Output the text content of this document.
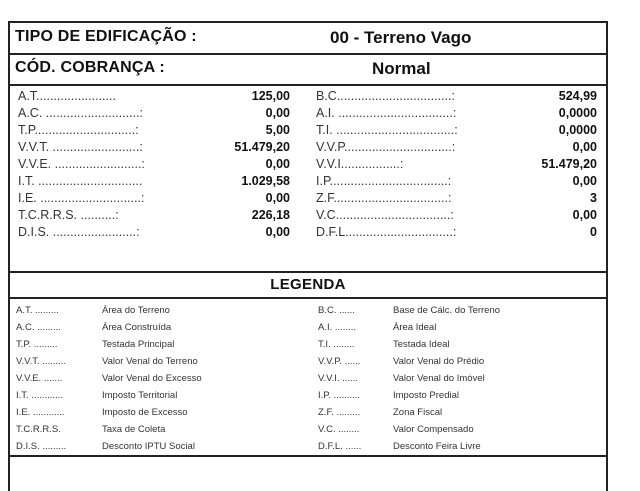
TIPO DE EDIFICAÇÃO :	00 - Terreno Vago
CÓD. COBRANÇA :	Normal
A.T.......................	125,00 B.C.................................:	524,99
A.C. ...........................:	0,00 A.I. .................................:	0,0000
T.P.............................:	5,00 T.I. ..................................:	0,0000
V.V.T. .........................:	51.479,20 V.V.P...............................:	0,00
V.V.E. .........................:	0,00 V.V.I.................:	51.479,20
I.T. ..............................	1.029,58 I.P..................................:	0,00
I.E. .............................:	0,00 Z.F.................................:	3
T.C.R.R.S. ..........:	226,18 V.C.................................:	0,00
D.I.S. ........................:	0,00 D.F.L...............................:	0
LEGENDA
A.T. .........	Área do Terreno	B.C. ......	Base de Cálc. do Terreno
A.C. .........	Área Construída	A.I. ........	Área Ideal
T.P. .........	Testada Principal	T.I. ........	Testada Ideal
V.V.T. .........	Valor Venal do Terreno	V.V.P. ......	Valor Venal do Prédio
V.V.E. .......	Valor Venal do Excesso	V.V.I. ......	Valor Venal do Imóvel
I.T. ............	Imposto Territorial	I.P. ..........	Imposto Predial
I.E. ............	Imposto de Excesso	Z.F. .........	Zona Fiscal
T.C.R.R.S.	Taxa de Coleta	V.C. ........	Valor Compensado
D.I.S. .........	Desconto IPTU Social	D.F.L. ......	Desconto Feira Livre
